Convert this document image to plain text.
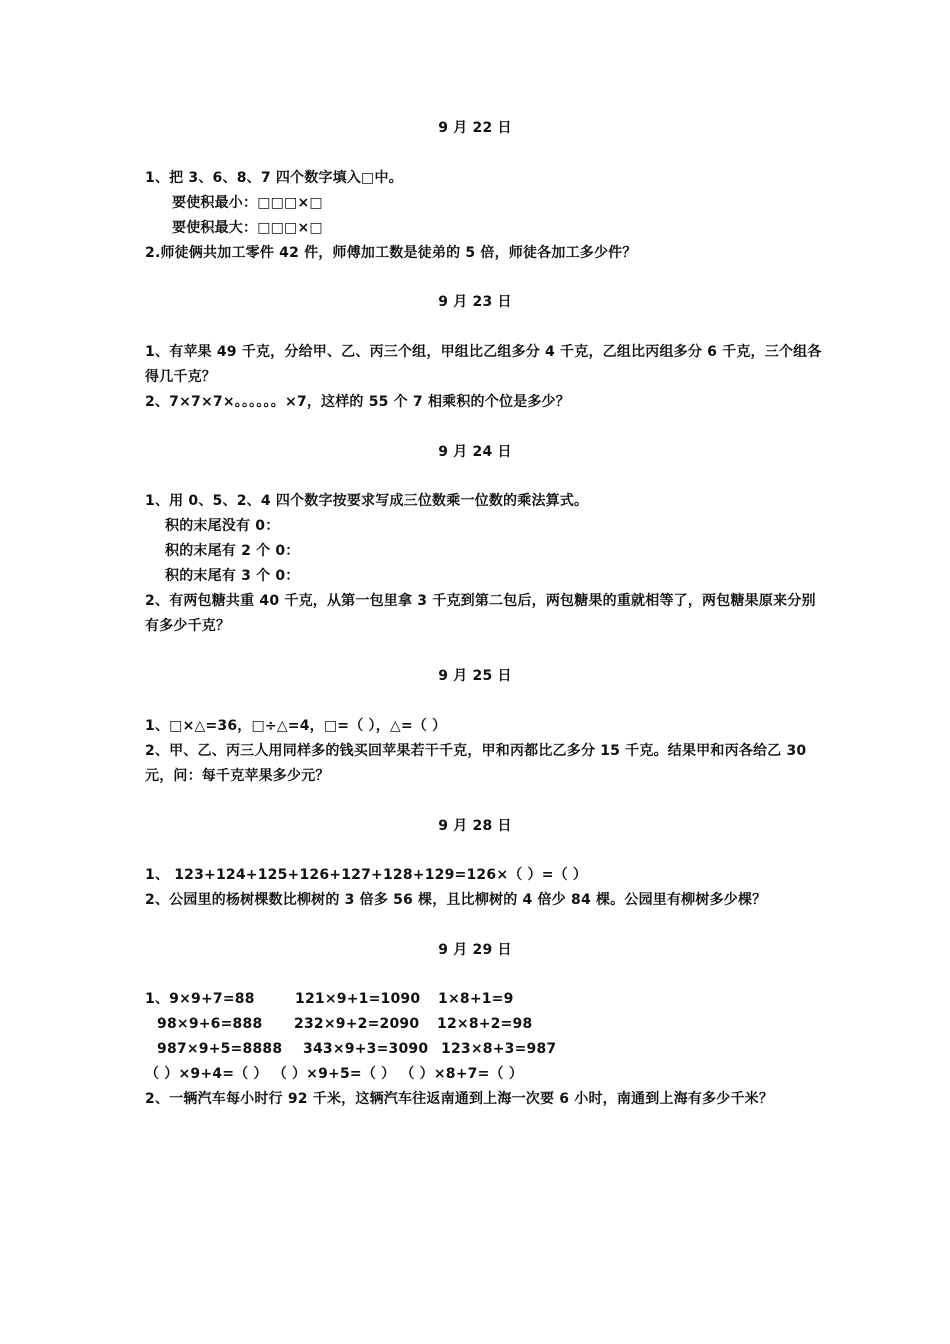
9 月 22 日
1、把 3、6、8、7 四个数字填入□中。
要使积最小：□□□×□
要使积最大：□□□×□
2.师徒俩共加工零件 42 件，师傅加工数是徒弟的 5 倍，师徒各加工多少件？
9 月 23 日
1、有苹果 49 千克，分给甲、乙、丙三个组，甲组比乙组多分 4 千克，乙组比丙组多分 6 千克，三个组各
得几千克？
2、7×7×7×。。。。。。×7，这样的 55 个 7 相乘积的个位是多少？
9 月 24 日
1、用 0、5、2、4 四个数字按要求写成三位数乘一位数的乘法算式。
积的末尾没有 0：
积的末尾有 2 个 0：
积的末尾有 3 个 0：
2、有两包糖共重 40 千克，从第一包里拿 3 千克到第二包后，两包糖果的重就相等了，两包糖果原来分别
有多少千克？
9 月 25 日
1、□×△=36，□÷△=4，□=（ ），△=（ ）
2、甲、乙、丙三人用同样多的钱买回苹果若干千克，甲和丙都比乙多分 15 千克。结果甲和丙各给乙 30
元，问：每千克苹果多少元？
9 月 28 日
1、 123+124+125+126+127+128+129=126×（ ）=（ ）
2、公园里的杨树棵数比柳树的 3 倍多 56 棵，且比柳树的 4 倍少 84 棵。公园里有柳树多少棵？
9 月 29 日
1、9×9+7=88	121×9+1=1090 1×8+1=9
98×9+6=888 232×9+2=2090 12×8+2=98
987×9+5=8888 343×9+3=3090 123×8+3=987
（ ）×9+4=（ ） （ ）×9+5=（ ） （ ）×8+7=（ ）
2、一辆汽车每小时行 92 千米，这辆汽车往返南通到上海一次要 6 小时，南通到上海有多少千米？
